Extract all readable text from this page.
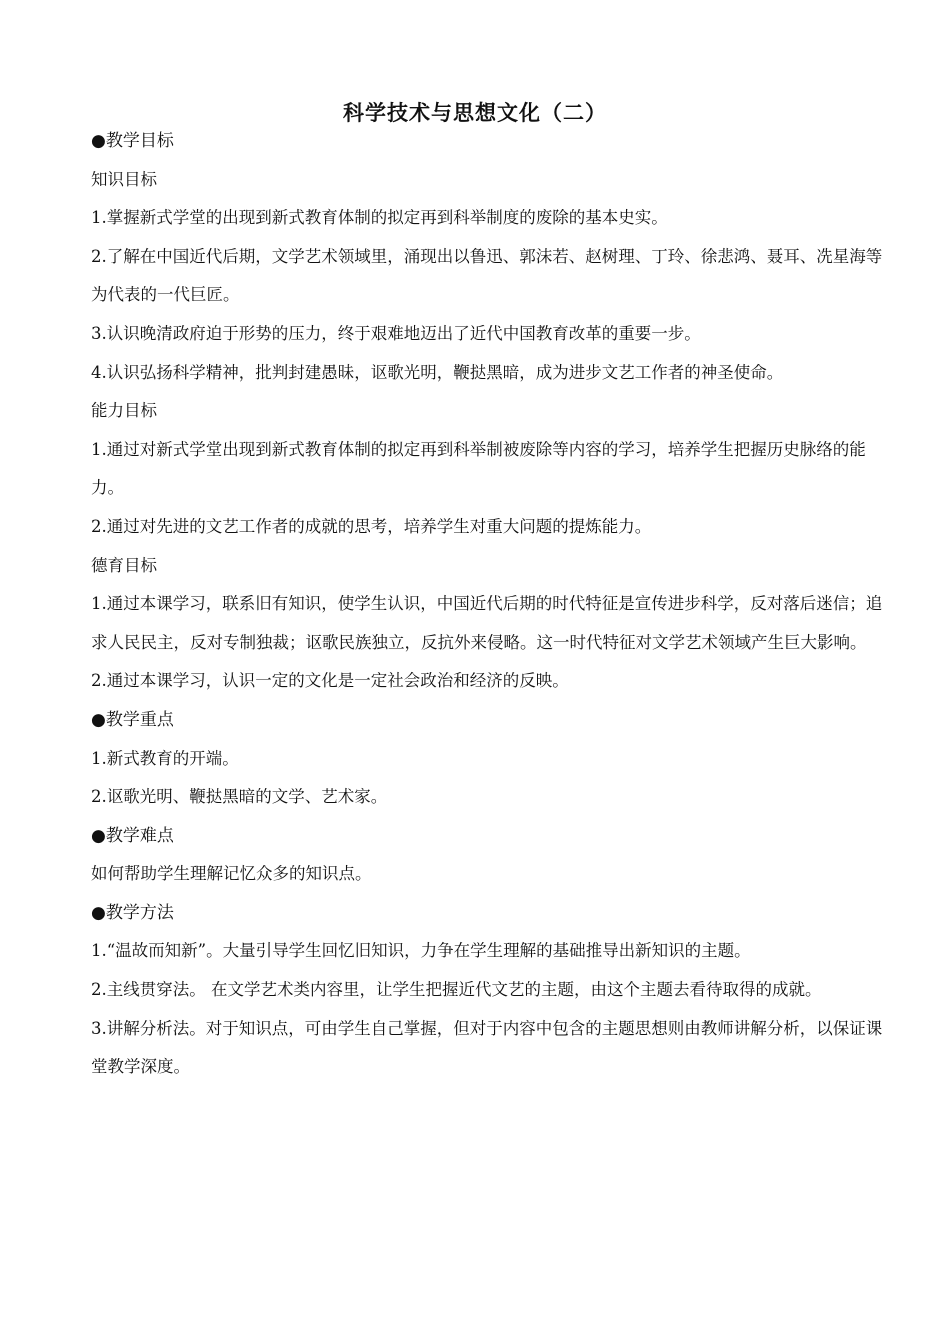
科学技术与思想文化（二）

●教学目标

知识目标

1.掌握新式学堂的出现到新式教育体制的拟定再到科举制度的废除的基本史实。

2.了解在中国近代后期，文学艺术领域里，涌现出以鲁迅、郭沫若、赵树理、丁玲、徐悲鸿、聂耳、冼星海等为代表的一代巨匠。

3.认识晚清政府迫于形势的压力，终于艰难地迈出了近代中国教育改革的重要一步。

4.认识弘扬科学精神，批判封建愚昧，讴歌光明，鞭挞黑暗，成为进步文艺工作者的神圣使命。

能力目标

1.通过对新式学堂出现到新式教育体制的拟定再到科举制被废除等内容的学习，培养学生把握历史脉络的能力。

2.通过对先进的文艺工作者的成就的思考，培养学生对重大问题的提炼能力。

德育目标

1.通过本课学习，联系旧有知识，使学生认识，中国近代后期的时代特征是宣传进步科学，反对落后迷信；追求人民民主，反对专制独裁；讴歌民族独立，反抗外来侵略。这一时代特征对文学艺术领域产生巨大影响。

2.通过本课学习，认识一定的文化是一定社会政治和经济的反映。

●教学重点

1.新式教育的开端。

2.讴歌光明、鞭挞黑暗的文学、艺术家。

●教学难点

如何帮助学生理解记忆众多的知识点。

●教学方法

1.“温故而知新”。大量引导学生回忆旧知识，力争在学生理解的基础推导出新知识的主题。

2.主线贯穿法。 在文学艺术类内容里，让学生把握近代文艺的主题，由这个主题去看待取得的成就。

3.讲解分析法。对于知识点，可由学生自己掌握，但对于内容中包含的主题思想则由教师讲解分析，以保证课堂教学深度。
